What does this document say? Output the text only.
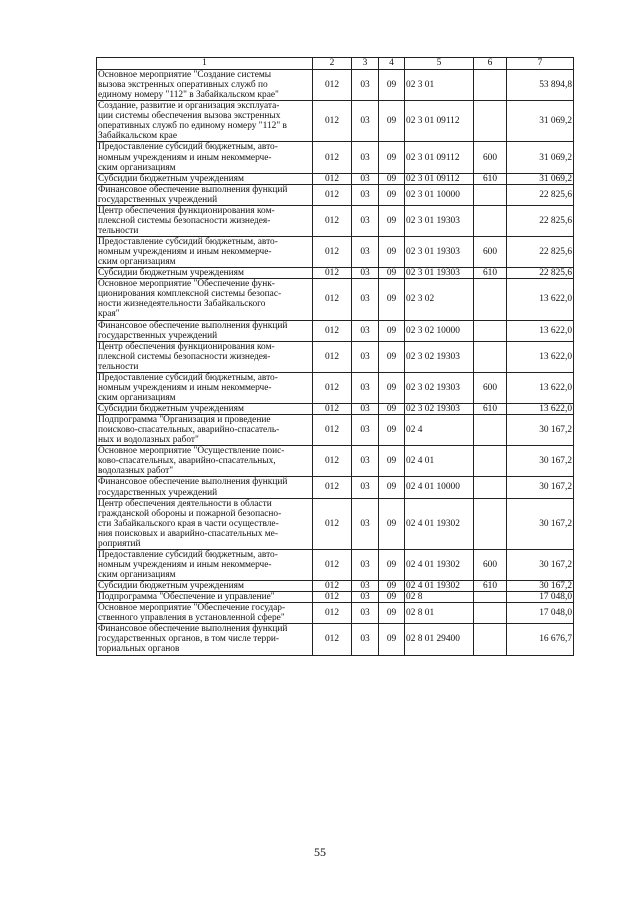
1	2	3	4	5	6	7
Основное мероприятие "Создание системы
вызова экстренных оперативных служб по
единому номеру "112" в Забайкальском крае"	012	03	09	02 3 01		53 894,8
Создание, развитие и организация эксплуата-
ции системы обеспечения вызова экстренных
оперативных служб по единому номеру "112" в
Забайкальском крае	012	03	09	02 3 01 09112		31 069,2
Предоставление субсидий бюджетным, авто-
номным учреждениям и иным некоммерче-
ским организациям	012	03	09	02 3 01 09112	600	31 069,2
Субсидии бюджетным учреждениям	012	03	09	02 3 01 09112	610	31 069,2
Финансовое обеспечение выполнения функций
государственных учреждений	012	03	09	02 3 01 10000		22 825,6
Центр обеспечения функционирования ком-
плексной системы безопасности жизнедея-
тельности	012	03	09	02 3 01 19303		22 825,6
Предоставление субсидий бюджетным, авто-
номным учреждениям и иным некоммерче-
ским организациям	012	03	09	02 3 01 19303	600	22 825,6
Субсидии бюджетным учреждениям	012	03	09	02 3 01 19303	610	22 825,6
Основное мероприятие "Обеспечение функ-
ционирования комплексной системы безопас-
ности жизнедеятельности Забайкальского
края"	012	03	09	02 3 02		13 622,0
Финансовое обеспечение выполнения функций
государственных учреждений	012	03	09	02 3 02 10000		13 622,0
Центр обеспечения функционирования ком-
плексной системы безопасности жизнедея-
тельности	012	03	09	02 3 02 19303		13 622,0
Предоставление субсидий бюджетным, авто-
номным учреждениям и иным некоммерче-
ским организациям	012	03	09	02 3 02 19303	600	13 622,0
Субсидии бюджетным учреждениям	012	03	09	02 3 02 19303	610	13 622,0
Подпрограмма "Организация и проведение
поисково-спасательных, аварийно-спасатель-
ных и водолазных работ"	012	03	09	02 4		30 167,2
Основное мероприятие "Осуществление поис-
ково-спасательных, аварийно-спасательных,
водолазных работ"	012	03	09	02 4 01		30 167,2
Финансовое обеспечение выполнения функций
государственных учреждений	012	03	09	02 4 01 10000		30 167,2
Центр обеспечения деятельности в области
гражданской обороны и пожарной безопасно-
сти Забайкальского края в части осуществле-
ния поисковых и аварийно-спасательных ме-
роприятий	012	03	09	02 4 01 19302		30 167,2
Предоставление субсидий бюджетным, авто-
номным учреждениям и иным некоммерче-
ским организациям	012	03	09	02 4 01 19302	600	30 167,2
Субсидии бюджетным учреждениям	012	03	09	02 4 01 19302	610	30 167,2
Подпрограмма "Обеспечение и управление"	012	03	09	02 8		17 048,0
Основное мероприятие "Обеспечение государ-
ственного управления в установленной сфере"	012	03	09	02 8 01		17 048,0
Финансовое обеспечение выполнения функций
государственных органов, в том числе терри-
ториальных органов	012	03	09	02 8 01 29400		16 676,7
55
